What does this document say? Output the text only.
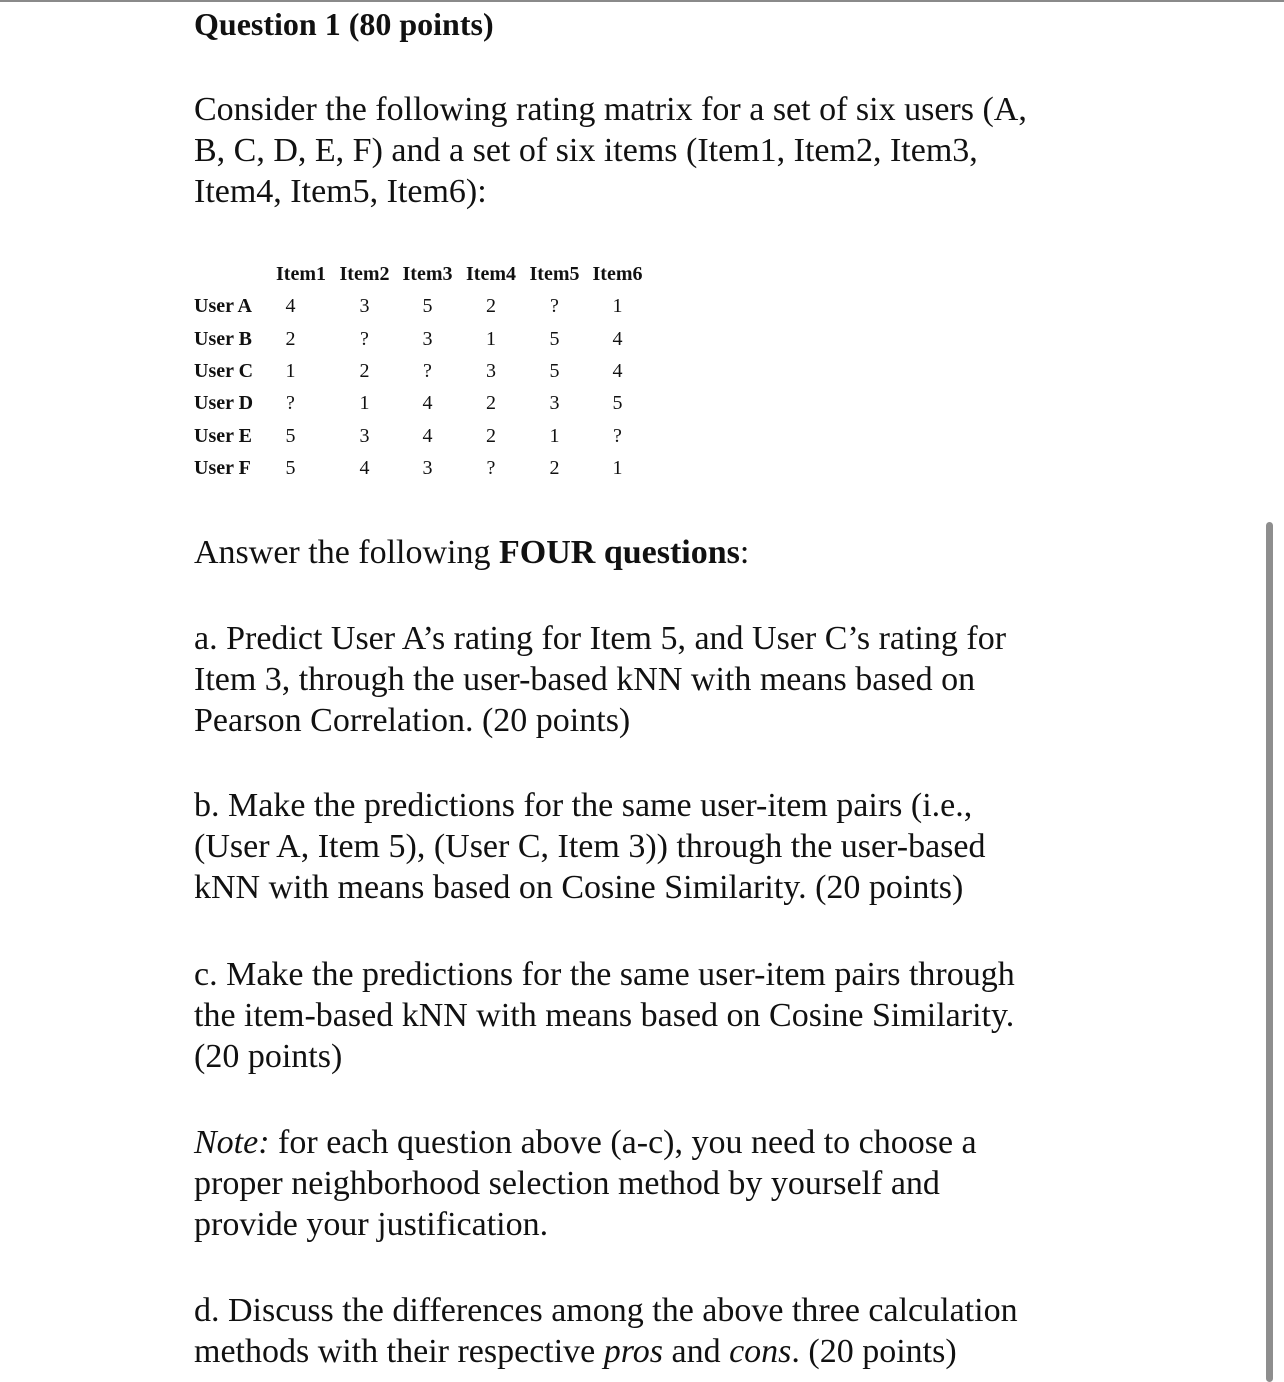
Question 1 (80 points)
Consider the following rating matrix for a set of six users (A,
B, C, D, E, F) and a set of six items (Item1, Item2, Item3,
Item4, Item5, Item6):
	Item1	Item2	Item3	Item4	Item5	Item6
User A	4	3	5	2	?	1
User B	2	?	3	1	5	4
User C	1	2	?	3	5	4
User D	?	1	4	2	3	5
User E	5	3	4	2	1	?
User F	5	4	3	?	2	1
Answer the following FOUR questions:
a. Predict User A’s rating for Item 5, and User C’s rating for
Item 3, through the user-based kNN with means based on
Pearson Correlation. (20 points)
b. Make the predictions for the same user-item pairs (i.e.,
(User A, Item 5), (User C, Item 3)) through the user-based
kNN with means based on Cosine Similarity. (20 points)
c. Make the predictions for the same user-item pairs through
the item-based kNN with means based on Cosine Similarity.
(20 points)
Note: for each question above (a-c), you need to choose a
proper neighborhood selection method by yourself and
provide your justification.
d. Discuss the differences among the above three calculation
methods with their respective pros and cons. (20 points)
